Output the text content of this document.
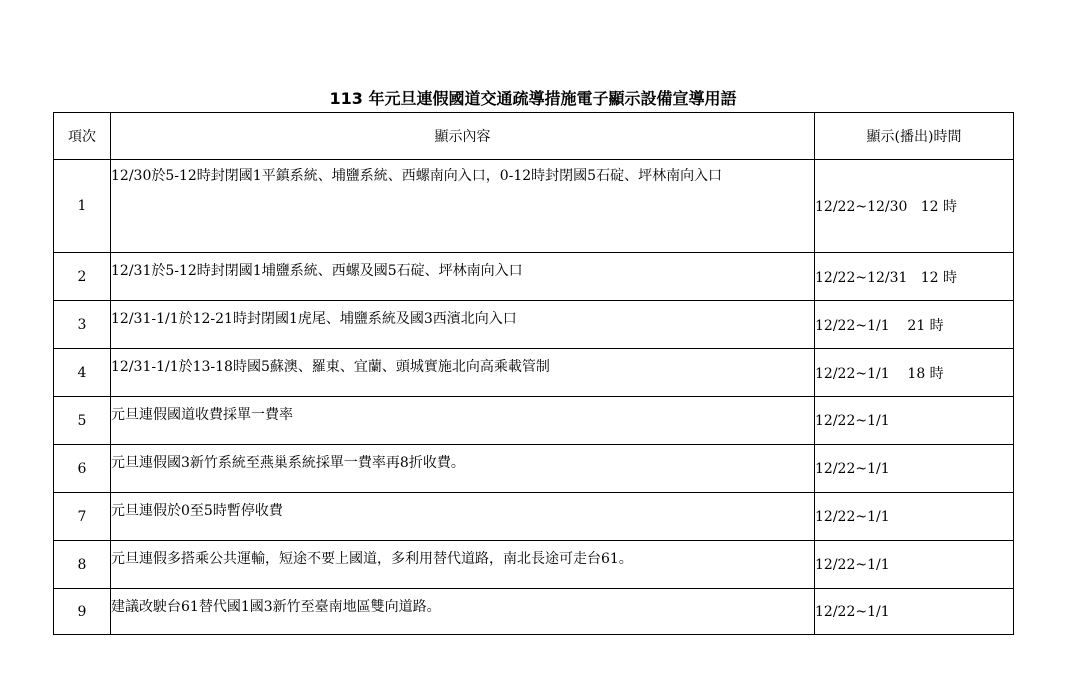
113 年元旦連假國道交通疏導措施電子顯示設備宣導用語
項次	顯示內容	顯示(播出)時間
1	12/30於5-12時封閉國1平鎮系統、埔鹽系統、西螺南向入口，0-12時封閉國5石碇、坪林南向入口	12/22~12/30   12 時
2	12/31於5-12時封閉國1埔鹽系統、西螺及國5石碇、坪林南向入口	12/22~12/31   12 時
3	12/31-1/1於12-21時封閉國1虎尾、埔鹽系統及國3西濱北向入口	12/22~1/1    21 時
4	12/31-1/1於13-18時國5蘇澳、羅東、宜蘭、頭城實施北向高乘載管制	12/22~1/1    18 時
5	元旦連假國道收費採單一費率	12/22~1/1
6	元旦連假國3新竹系統至燕巢系統採單一費率再8折收費。	12/22~1/1
7	元旦連假於0至5時暫停收費	12/22~1/1
8	元旦連假多搭乘公共運輸，短途不要上國道，多利用替代道路，南北長途可走台61。	12/22~1/1
9	建議改駛台61替代國1國3新竹至臺南地區雙向道路。	12/22~1/1
